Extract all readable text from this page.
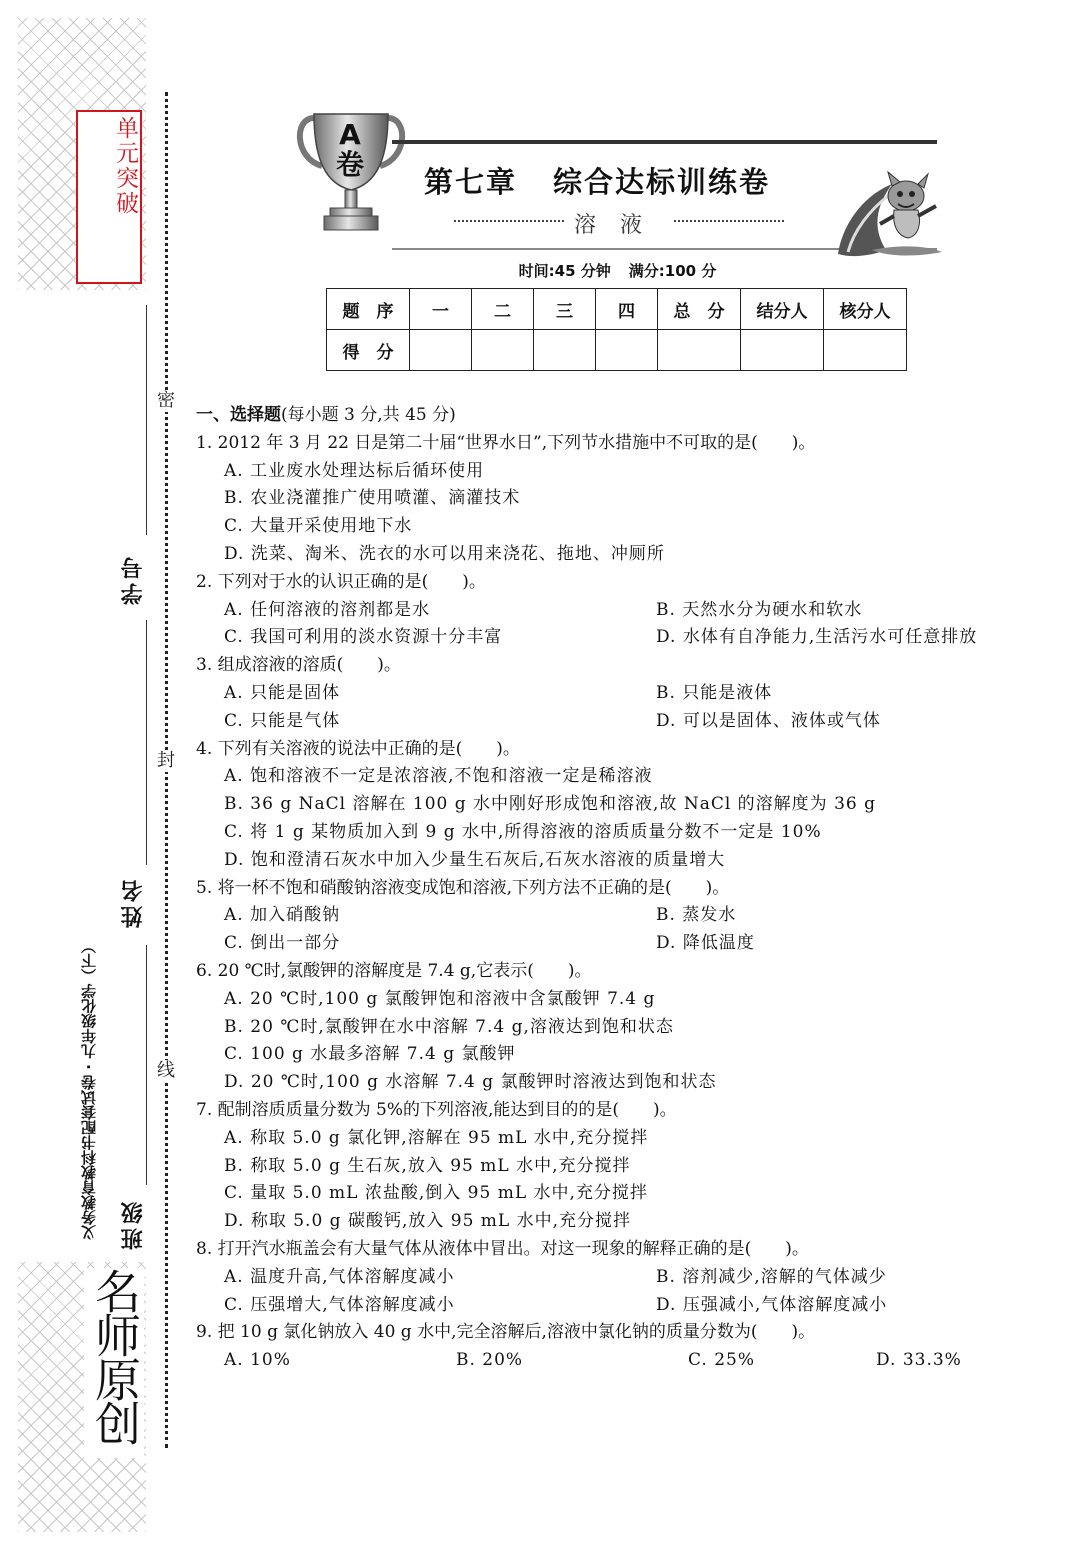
单元突破
名师原创
义务教育教科书配套试卷 · 九年级化学（下）
密
封
线
学号
姓名
班级
A
卷
第七章 综合达标训练卷
溶液
时间:45 分钟 满分:100 分
题　序	一	二	三	四	总　分	结分人	核分人
得　分							
一、选择题(每小题 3 分,共 45 分)
1. 2012 年 3 月 22 日是第二十届“世界水日”,下列节水措施中不可取的是(　　)。
A. 工业废水处理达标后循环使用
B. 农业浇灌推广使用喷灌、滴灌技术
C. 大量开采使用地下水
D. 洗菜、淘米、洗衣的水可以用来浇花、拖地、冲厕所
2. 下列对于水的认识正确的是(　　)。
A. 任何溶液的溶剂都是水	B. 天然水分为硬水和软水
C. 我国可利用的淡水资源十分丰富	D. 水体有自净能力,生活污水可任意排放
3. 组成溶液的溶质(　　)。
A. 只能是固体	B. 只能是液体
C. 只能是气体	D. 可以是固体、液体或气体
4. 下列有关溶液的说法中正确的是(　　)。
A. 饱和溶液不一定是浓溶液,不饱和溶液一定是稀溶液
B. 36 g NaCl 溶解在 100 g 水中刚好形成饱和溶液,故 NaCl 的溶解度为 36 g
C. 将 1 g 某物质加入到 9 g 水中,所得溶液的溶质质量分数不一定是 10%
D. 饱和澄清石灰水中加入少量生石灰后,石灰水溶液的质量增大
5. 将一杯不饱和硝酸钠溶液变成饱和溶液,下列方法不正确的是(　　)。
A. 加入硝酸钠	B. 蒸发水
C. 倒出一部分	D. 降低温度
6. 20 ℃时,氯酸钾的溶解度是 7.4 g,它表示(　　)。
A. 20 ℃时,100 g 氯酸钾饱和溶液中含氯酸钾 7.4 g
B. 20 ℃时,氯酸钾在水中溶解 7.4 g,溶液达到饱和状态
C. 100 g 水最多溶解 7.4 g 氯酸钾
D. 20 ℃时,100 g 水溶解 7.4 g 氯酸钾时溶液达到饱和状态
7. 配制溶质质量分数为 5%的下列溶液,能达到目的的是(　　)。
A. 称取 5.0 g 氯化钾,溶解在 95 mL 水中,充分搅拌
B. 称取 5.0 g 生石灰,放入 95 mL 水中,充分搅拌
C. 量取 5.0 mL 浓盐酸,倒入 95 mL 水中,充分搅拌
D. 称取 5.0 g 碳酸钙,放入 95 mL 水中,充分搅拌
8. 打开汽水瓶盖会有大量气体从液体中冒出。对这一现象的解释正确的是(　　)。
A. 温度升高,气体溶解度减小	B. 溶剂减少,溶解的气体减少
C. 压强增大,气体溶解度减小	D. 压强减小,气体溶解度减小
9. 把 10 g 氯化钠放入 40 g 水中,完全溶解后,溶液中氯化钠的质量分数为(　　)。
A. 10%	B. 20%	C. 25%	D. 33.3%
